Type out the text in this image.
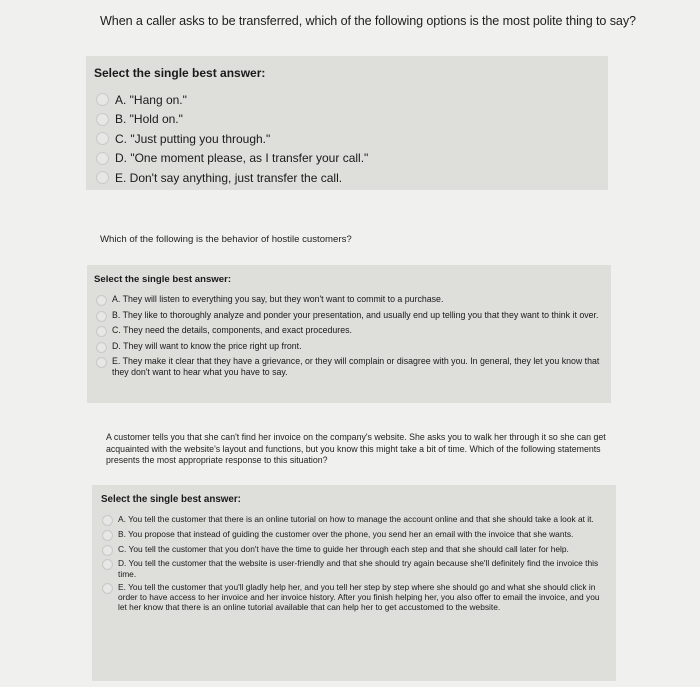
When a caller asks to be transferred, which of the following options is the most polite thing to say?
Select the single best answer:
A. "Hang on."
B. "Hold on."
C. "Just putting you through."
D. "One moment please, as I transfer your call."
E. Don't say anything, just transfer the call.
Which of the following is the behavior of hostile customers?
Select the single best answer:
A. They will listen to everything you say, but they won't want to commit to a purchase.
B. They like to thoroughly analyze and ponder your presentation, and usually end up telling you that they want to think it over.
C. They need the details, components, and exact procedures.
D. They will want to know the price right up front.
E. They make it clear that they have a grievance, or they will complain or disagree with you. In general, they let you know that they don't want to hear what you have to say.
A customer tells you that she can't find her invoice on the company's website. She asks you to walk her through it so she can get acquainted with the website's layout and functions, but you know this might take a bit of time. Which of the following statements presents the most appropriate response to this situation?
Select the single best answer:
A. You tell the customer that there is an online tutorial on how to manage the account online and that she should take a look at it.
B. You propose that instead of guiding the customer over the phone, you send her an email with the invoice that she wants.
C. You tell the customer that you don't have the time to guide her through each step and that she should call later for help.
D. You tell the customer that the website is user-friendly and that she should try again because she'll definitely find the invoice this time.
E. You tell the customer that you'll gladly help her, and you tell her step by step where she should go and what she should click in order to have access to her invoice and her invoice history. After you finish helping her, you also offer to email the invoice, and you let her know that there is an online tutorial available that can help her to get accustomed to the website.
